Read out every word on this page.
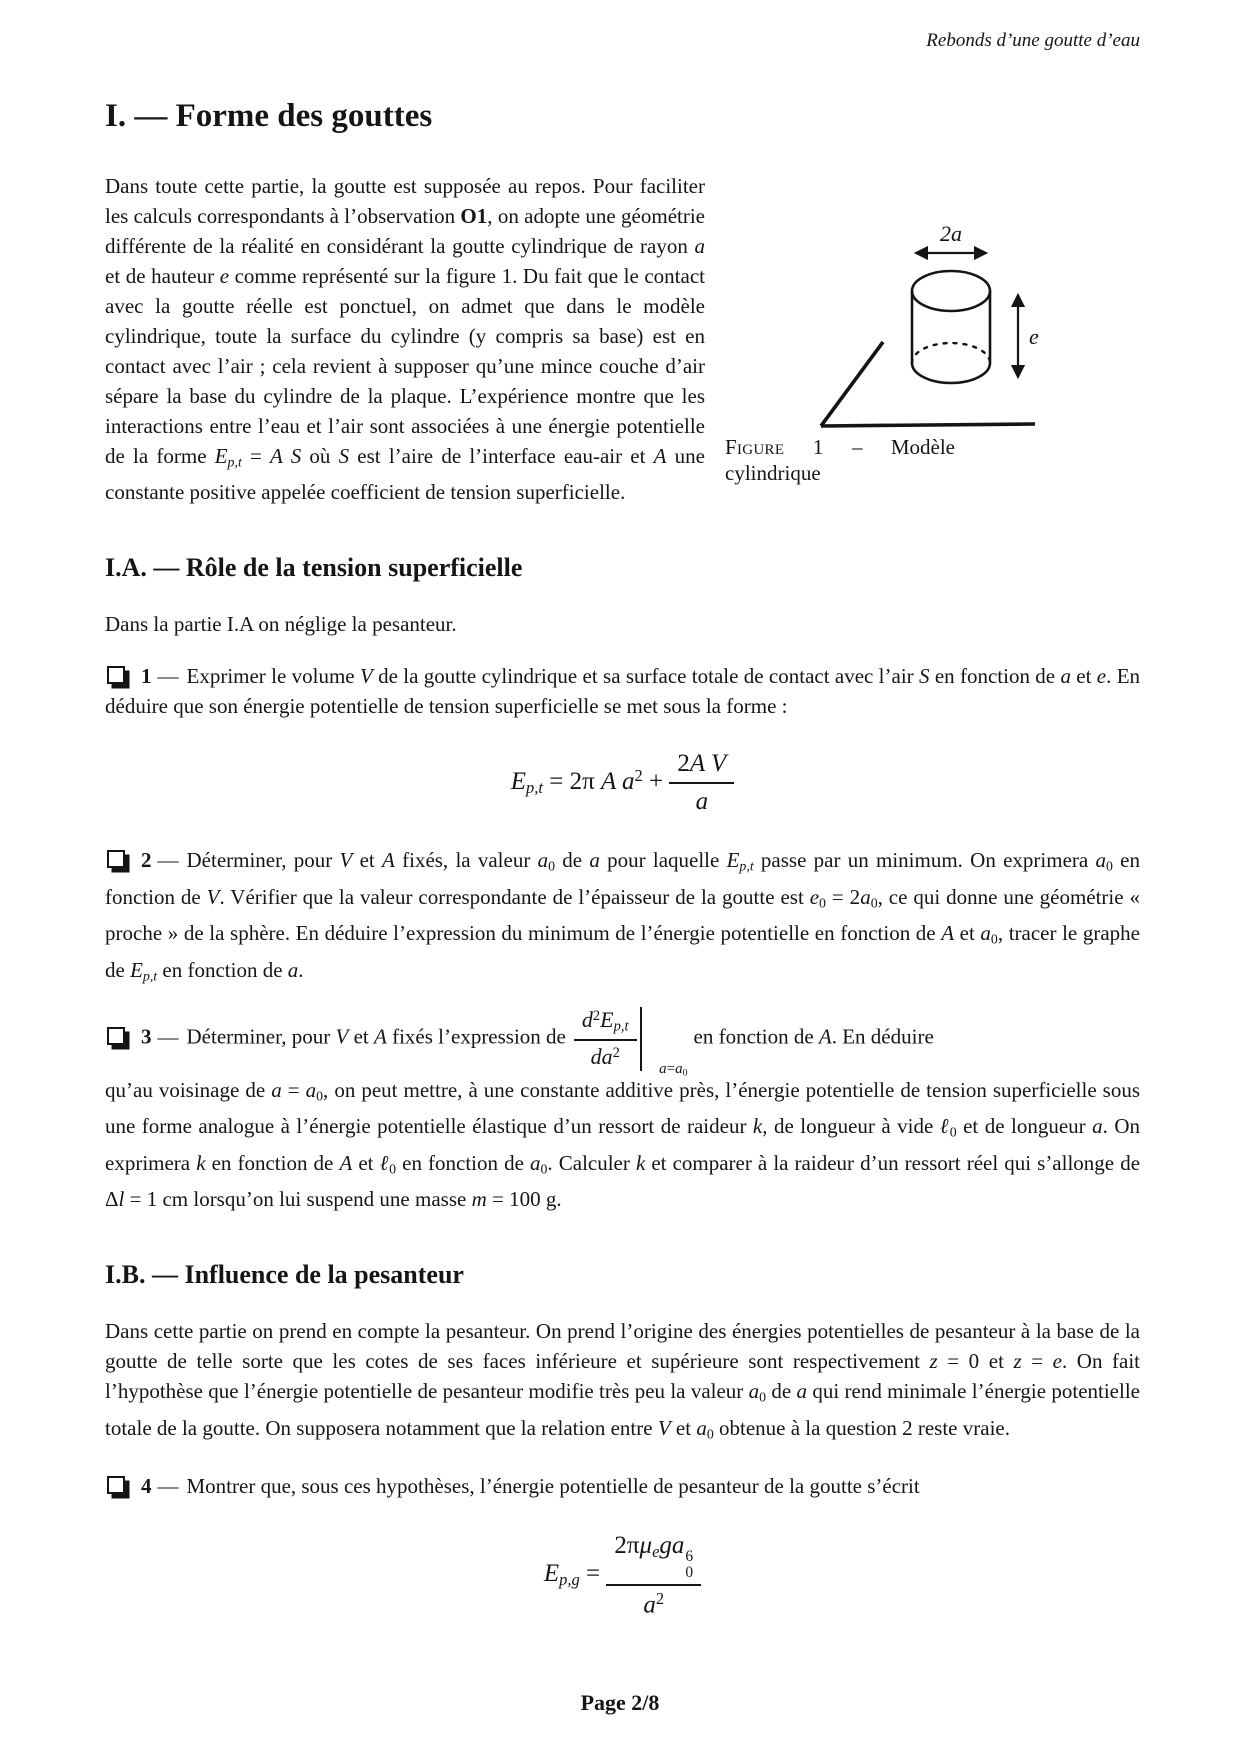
Rebonds d’une goutte d’eau
I. — Forme des gouttes
2a
e
Figure 1 – Modèle cylindrique

Dans toute cette partie, la goutte est supposée au repos. Pour faciliter les calculs correspondants à l’observation O1, on adopte une géométrie différente de la réalité en considérant la goutte cylindrique de rayon a et de hauteur e comme représenté sur la figure 1. Du fait que le contact avec la goutte réelle est ponctuel, on admet que dans le modèle cylindrique, toute la surface du cylindre (y compris sa base) est en contact avec l’air ; cela revient à supposer qu’une mince couche d’air sépare la base du cylindre de la plaque. L’expérience montre que les interactions entre l’eau et l’air sont associées à une énergie potentielle de la forme Ep,t = A S où S est l’aire de l’interface eau-air et A une constante positive appelée coefficient de tension superficielle.

I.A. — Rôle de la tension superficielle

Dans la partie I.A on néglige la pesanteur.

1 — Exprimer le volume V de la goutte cylindrique et sa surface totale de contact avec l’air S en fonction de a et e. En déduire que son énergie potentielle de tension superficielle se met sous la forme :

Ep,t = 2π A $a^2 + \frac{\text{2A V}}{a}$

2 — Déterminer, pour V et A fixés, la valeur a0 de a pour laquelle Ep,t passe par un minimum. On exprimera a0 en fonction de V. Vérifier que la valeur correspondante de l’épaisseur de la goutte est e0 = 2a0, ce qui donne une géométrie « proche » de la sphère. En déduire l’expression du minimum de l’énergie potentielle en fonction de A et a0, tracer le graphe de Ep,t en fonction de a.

3 — Déterminer, pour V et A fixés l’expression de $\frac{d^2Ep,t}{da^2} a=a0$
en fonction de A. En déduire

qu’au voisinage de a = a0, on peut mettre, à une constante additive près, l’énergie potentielle de tension superficielle sous une forme analogue à l’énergie potentielle élastique d’un ressort de raideur k, de longueur à vide ℓ0 et de longueur a. On exprimera k en fonction de A et ℓ0 en fonction de a0. Calculer k et comparer à la raideur d’un ressort réel qui s’allonge de Δl = 1 cm lorsqu’on lui suspend une masse m = 100 g.

I.B. — Influence de la pesanteur

Dans cette partie on prend en compte la pesanteur. On prend l’origine des énergies potentielles de pesanteur à la base de la goutte de telle sorte que les cotes de ses faces inférieure et supérieure sont respectivement z = 0 et z = e. On fait l’hypothèse que l’énergie potentielle de pesanteur modifie très peu la valeur a0 de a qui rend minimale l’énergie potentielle totale de la goutte. On supposera notamment que la relation entre V et a0 obtenue à la question 2 reste vraie.

4 — Montrer que, sous ces hypothèses, l’énergie potentielle de pesanteur de la goutte s’écrit

Ep,g = 2πμega 6
0
$a^2$
Page 2/8
